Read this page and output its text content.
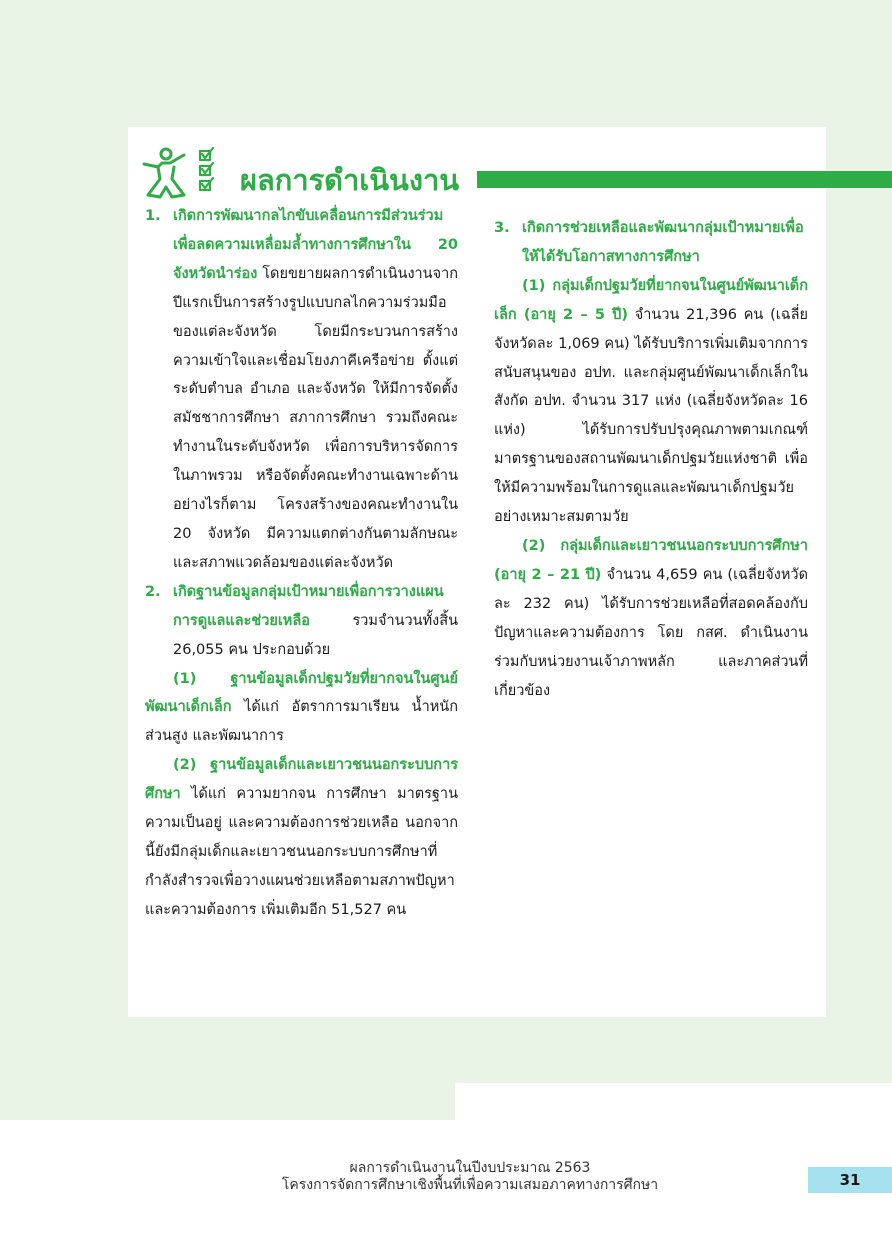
ผลการดำเนินงาน
1. เกิดการพัฒนากลไกขับเคลื่อนการมีส่วนร่วมเพื่อลดความเหลื่อมล้ำทางการศึกษาใน 20 จังหวัดนำร่อง โดยขยายผลการดำเนินงานจากปีแรกเป็นการสร้างรูปแบบกลไกความร่วมมือของแต่ละจังหวัด โดยมีกระบวนการสร้างความเข้าใจและเชื่อมโยงภาคีเครือข่าย ตั้งแต่ระดับตำบล อำเภอ และจังหวัด ให้มีการจัดตั้งสมัชชาการศึกษา สภาการศึกษา รวมถึงคณะทำงานในระดับจังหวัด เพื่อการบริหารจัดการในภาพรวม หรือจัดตั้งคณะทำงานเฉพาะด้าน อย่างไรก็ตาม โครงสร้างของคณะทำงานใน 20 จังหวัด มีความแตกต่างกันตามลักษณะและสภาพแวดล้อมของแต่ละจังหวัด
2. เกิดฐานข้อมูลกลุ่มเป้าหมายเพื่อการวางแผนการดูแลและช่วยเหลือ รวมจำนวนทั้งสิ้น 26,055 คน ประกอบด้วย
(1) ฐานข้อมูลเด็กปฐมวัยที่ยากจนในศูนย์พัฒนาเด็กเล็ก ได้แก่ อัตราการมาเรียน น้ำหนัก ส่วนสูง และพัฒนาการ
(2) ฐานข้อมูลเด็กและเยาวชนนอกระบบการศึกษา ได้แก่ ความยากจน การศึกษา มาตรฐานความเป็นอยู่ และความต้องการช่วยเหลือ นอกจากนี้ยังมีกลุ่มเด็กและเยาวชนนอกระบบการศึกษาที่กำลังสำรวจเพื่อวางแผนช่วยเหลือตามสภาพปัญหาและความต้องการ เพิ่มเติมอีก 51,527 คน
3. เกิดการช่วยเหลือและพัฒนากลุ่มเป้าหมายเพื่อให้ได้รับโอกาสทางการศึกษา
(1) กลุ่มเด็กปฐมวัยที่ยากจนในศูนย์พัฒนาเด็กเล็ก (อายุ 2 – 5 ปี) จำนวน 21,396 คน (เฉลี่ยจังหวัดละ 1,069 คน) ได้รับบริการเพิ่มเติมจากการสนับสนุนของ อปท. และกลุ่มศูนย์พัฒนาเด็กเล็กในสังกัด อปท. จำนวน 317 แห่ง (เฉลี่ยจังหวัดละ 16 แห่ง) ได้รับการปรับปรุงคุณภาพตามเกณฑ์มาตรฐานของสถานพัฒนาเด็กปฐมวัยแห่งชาติ เพื่อให้มีความพร้อมในการดูแลและพัฒนาเด็กปฐมวัยอย่างเหมาะสมตามวัย
(2) กลุ่มเด็กและเยาวชนนอกระบบการศึกษา (อายุ 2 – 21 ปี) จำนวน 4,659 คน (เฉลี่ยจังหวัดละ 232 คน) ได้รับการช่วยเหลือที่สอดคล้องกับปัญหาและความต้องการ โดย กสศ. ดำเนินงานร่วมกับหน่วยงานเจ้าภาพหลัก และภาคส่วนที่เกี่ยวข้อง
ผลการดำเนินงานในปีงบประมาณ 2563
โครงการจัดการศึกษาเชิงพื้นที่เพื่อความเสมอภาคทางการศึกษา	31
